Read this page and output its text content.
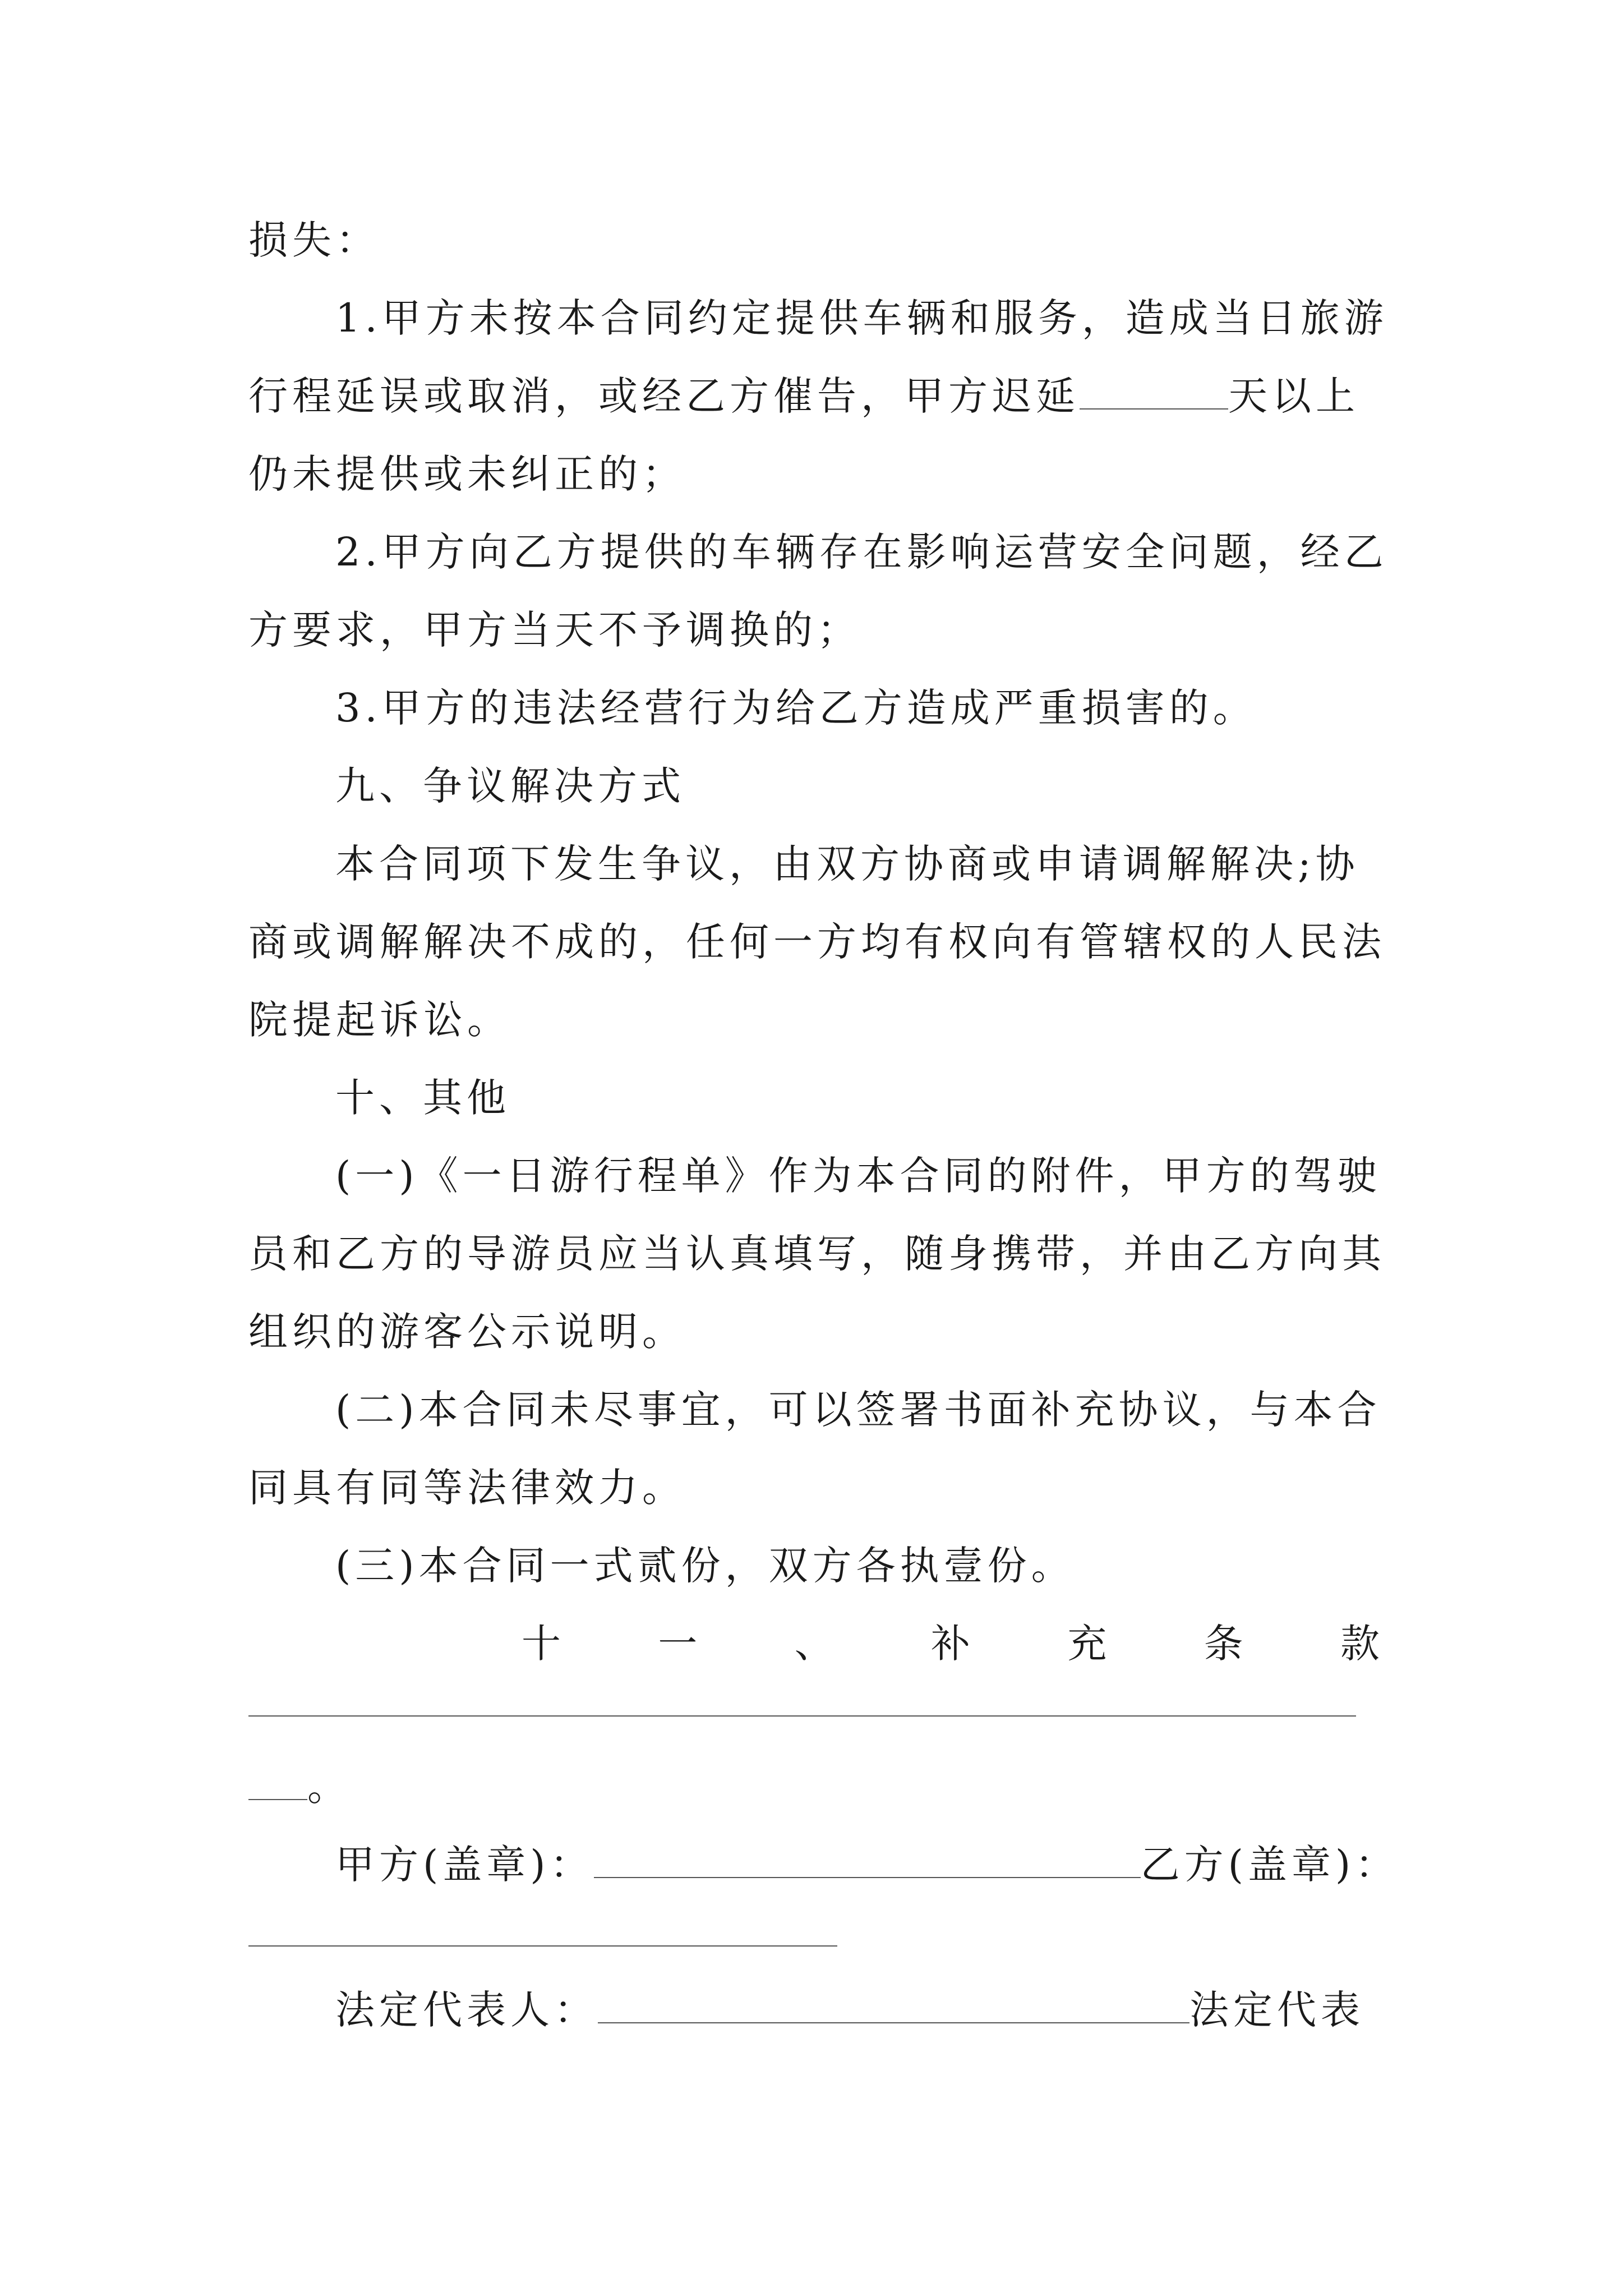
损失：
1.甲方未按本合同约定提供车辆和服务，造成当日旅游
行程延误或取消，或经乙方催告，甲方迟延	天以上
仍未提供或未纠正的；
2.甲方向乙方提供的车辆存在影响运营安全问题，经乙
方要求，甲方当天不予调换的；
3.甲方的违法经营行为给乙方造成严重损害的。
九、争议解决方式
本合同项下发生争议，由双方协商或申请调解解决;协
商或调解解决不成的，任何一方均有权向有管辖权的人民法
院提起诉讼。
十、其他
(一)《一日游行程单》作为本合同的附件，甲方的驾驶
员和乙方的导游员应当认真填写，随身携带，并由乙方向其
组织的游客公示说明。
(二)本合同未尽事宜，可以签署书面补充协议，与本合
同具有同等法律效力。
(三)本合同一式贰份，双方各执壹份。
十 一 、 补 充 条 款
。
甲方(盖章)：	乙方(盖章)：
法定代表人：	法定代表
